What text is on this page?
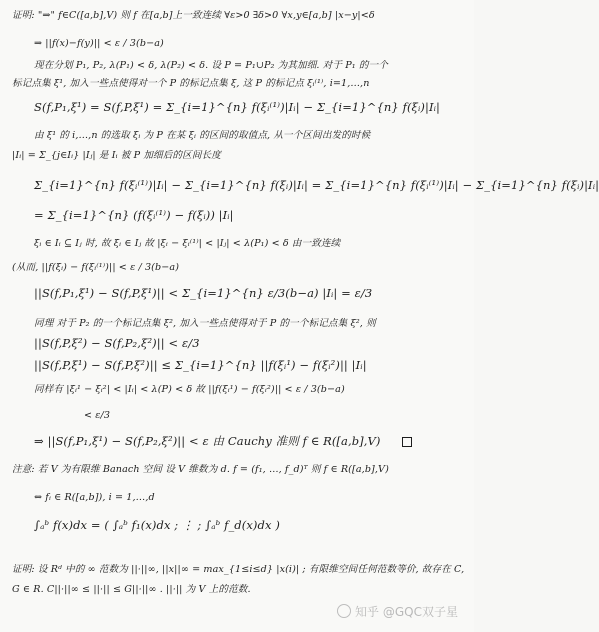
证明: "⇒" f∈C([a,b],V) 则 f 在[a,b]上一致连续 ∀ε>0 ∃δ>0 ∀x,y∈[a,b] |x−y|<δ
⇒ ||f(x)−f(y)|| < ε / 3(b−a)
现在分划 P₁, P₂, λ(P₁) < δ, λ(P₂) < δ. 设 P = P₁∪P₂ 为其加细. 对于 P₁ 的一个
标记点集 ξ¹, 加入一些点使得对一个 P 的标记点集 ξ, 这 P 的标记点 ξᵢ⁽¹⁾, i=1,…,n
S(f,P₁,ξ¹) = S(f,P,ξ¹) = Σ_{i=1}^{n} f(ξᵢ⁽¹⁾)|Iᵢ| − Σ_{i=1}^{n} f(ξᵢ)|Iᵢ|
由 ξ¹ 的 i,…,n 的选取 ξᵢ 为 P 在某 ξᵢ 的区间的取值点, 从一个区间出发的时候
|Iᵢ| = Σ_{j∈Iᵢ} |Iⱼ| 是 Iᵢ 被 P 加细后的区间长度
Σ_{i=1}^{n} f(ξᵢ⁽¹⁾)|Iᵢ| − Σ_{i=1}^{n} f(ξᵢ)|Iᵢ| = Σ_{i=1}^{n} f(ξᵢ⁽¹⁾)|Iᵢ| − Σ_{i=1}^{n} f(ξᵢ)|Iᵢ|
= Σ_{i=1}^{n} (f(ξᵢ⁽¹⁾) − f(ξᵢ)) |Iᵢ|
ξᵢ ∈ Iᵢ ⊆ Iⱼ 时, 故 ξᵢ ∈ Iⱼ 故 |ξᵢ − ξᵢ⁽¹⁾| < |Iⱼ| < λ(P₁) < δ 由一致连续
(从而, ||f(ξᵢ) − f(ξᵢ⁽¹⁾)|| < ε / 3(b−a)
||S(f,P₁,ξ¹) − S(f,P,ξ¹)|| < Σ_{i=1}^{n} ε/3(b−a) |Iᵢ| = ε/3
同理 对于 P₂ 的一个标记点集 ξ², 加入一些点使得对于 P 的一个标记点集 ξ², 则
||S(f,P,ξ²) − S(f,P₂,ξ²)|| < ε/3
||S(f,P,ξ¹) − S(f,P,ξ²)|| ≤ Σ_{i=1}^{n} ||f(ξᵢ¹) − f(ξᵢ²)|| |Iᵢ|
同样有 |ξᵢ¹ − ξᵢ²| < |Iᵢ| < λ(P) < δ 故 ||f(ξᵢ¹) − f(ξᵢ²)|| < ε / 3(b−a)
< ε/3
⇒ ||S(f,P₁,ξ¹) − S(f,P₂,ξ²)|| < ε 由 Cauchy 准则 f ∈ R([a,b],V)
注意: 若 V 为有限维 Banach 空间 设 V 维数为 d. f = (f₁, …, f_d)ᵀ 则 f ∈ R([a,b],V)
⇔ fᵢ ∈ R([a,b]), i = 1,…,d
∫ₐᵇ f(x)dx = ( ∫ₐᵇ f₁(x)dx ; ⋮ ; ∫ₐᵇ f_d(x)dx )
证明: 设 Rᵈ 中的 ∞ 范数为 ||·||∞, ||x||∞ = max_{1≤i≤d} |x(i)| ; 有限维空间任何范数等价, 故存在 C,
G ∈ R. C||·||∞ ≤ ||·|| ≤ G||·||∞ . ||·|| 为 V 上的范数.
知乎 @GQC双子星
